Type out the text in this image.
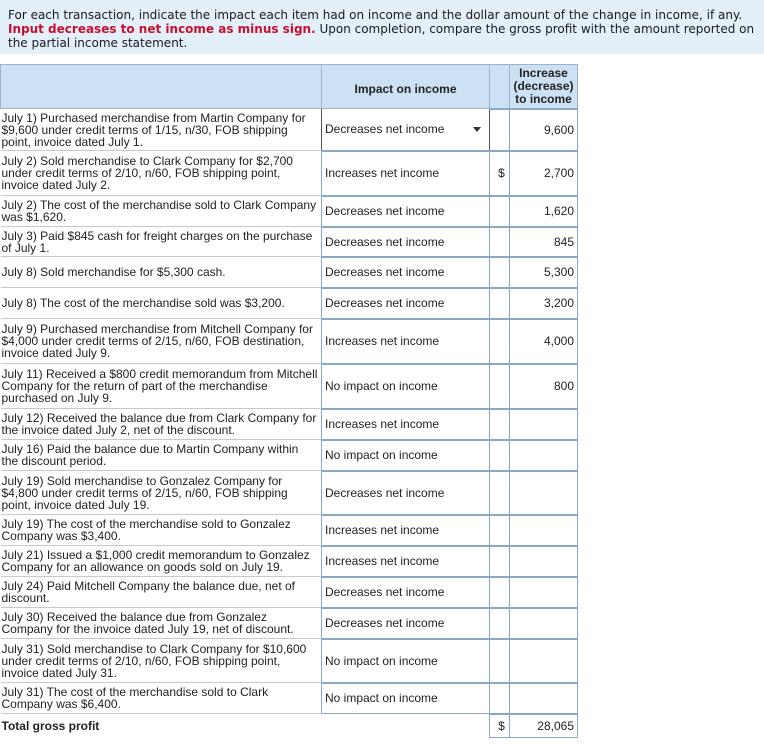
For each transaction, indicate the impact each item had on income and the dollar amount of the change in income, if any.
Input decreases to net income as minus sign. Upon completion, compare the gross profit with the amount reported on the partial income statement.
	Impact on income		Increase (decrease) to income
July 1) Purchased merchandise from Martin Company for $9,600 under credit terms of 1/15, n/30, FOB shipping point, invoice dated July 1.	Decreases net income		9,600
July 2) Sold merchandise to Clark Company for $2,700 under credit terms of 2/10, n/60, FOB shipping point, invoice dated July 2.	Increases net income	$	2,700
July 2) The cost of the merchandise sold to Clark Company was $1,620.	Decreases net income		1,620
July 3) Paid $845 cash for freight charges on the purchase of July 1.	Decreases net income		845
July 8) Sold merchandise for $5,300 cash.	Decreases net income		5,300
July 8) The cost of the merchandise sold was $3,200.	Decreases net income		3,200
July 9) Purchased merchandise from Mitchell Company for $4,000 under credit terms of 2/15, n/60, FOB destination, invoice dated July 9.	Increases net income		4,000
July 11) Received a $800 credit memorandum from Mitchell Company for the return of part of the merchandise purchased on July 9.	No impact on income		800
July 12) Received the balance due from Clark Company for the invoice dated July 2, net of the discount.	Increases net income		
July 16) Paid the balance due to Martin Company within the discount period.	No impact on income		
July 19) Sold merchandise to Gonzalez Company for $4,800 under credit terms of 2/15, n/60, FOB shipping point, invoice dated July 19.	Decreases net income		
July 19) The cost of the merchandise sold to Gonzalez Company was $3,400.	Increases net income		
July 21) Issued a $1,000 credit memorandum to Gonzalez Company for an allowance on goods sold on July 19.	Increases net income		
July 24) Paid Mitchell Company the balance due, net of discount.	Decreases net income		
July 30) Received the balance due from Gonzalez Company for the invoice dated July 19, net of discount.	Decreases net income		
July 31) Sold merchandise to Clark Company for $10,600 under credit terms of 2/10, n/60, FOB shipping point, invoice dated July 31.	No impact on income		
July 31) The cost of the merchandise sold to Clark Company was $6,400.	No impact on income		
Total gross profit		$	28,065
